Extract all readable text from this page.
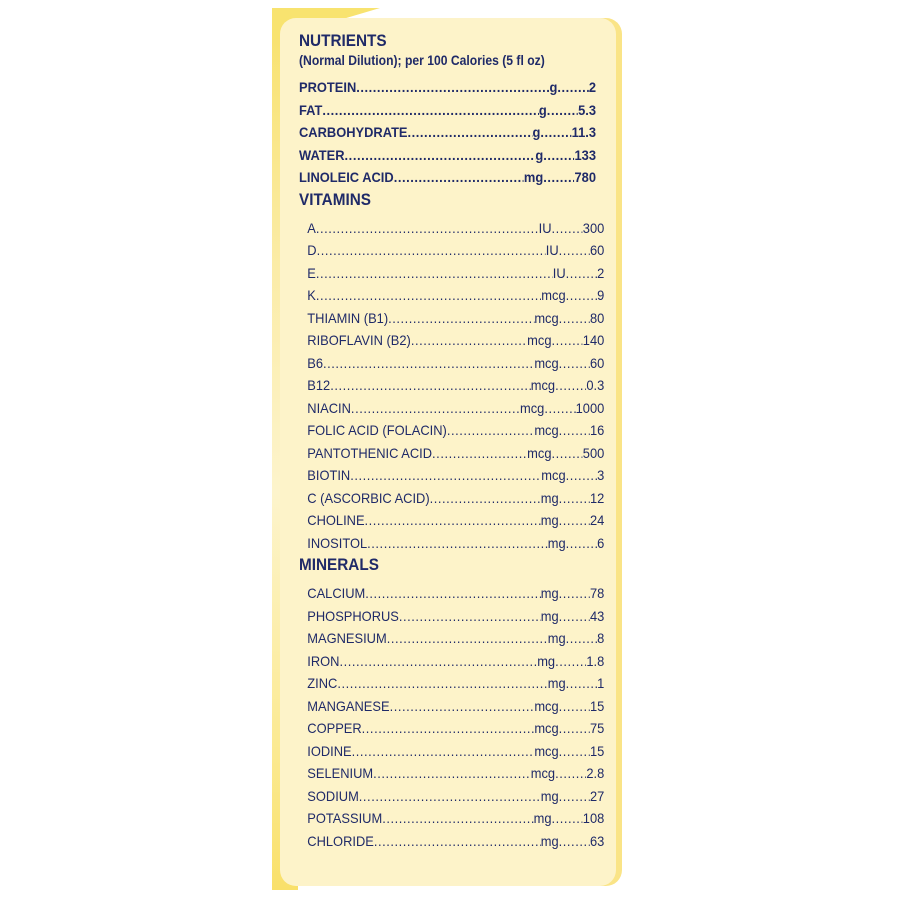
NUTRIENTS
(Normal Dilution); per 100 Calories (5 fl oz)
PROTEIN .....	g ..... 2
FAT .....	g ..... 5.3
CARBOHYDRATE .....	g ..... 11.3
WATER .....	g ..... 133
LINOLEIC ACID .....	mg ..... 780
VITAMINS
A .....	IU ..... 300
D .....	IU ..... 60
E .....	IU ..... 2
K .....	mcg ..... 9
THIAMIN (B1) .....	mcg ..... 80
RIBOFLAVIN (B2) .....	mcg ..... 140
B6 .....	mcg ..... 60
B12 .....	mcg ..... 0.3
NIACIN .....	mcg ..... 1000
FOLIC ACID (FOLACIN) .....	mcg ..... 16
PANTOTHENIC ACID .....	mcg ..... 500
BIOTIN .....	mcg ..... 3
C (ASCORBIC ACID) .....	mg ..... 12
CHOLINE .....	mg ..... 24
INOSITOL .....	mg ..... 6
MINERALS
CALCIUM .....	mg ..... 78
PHOSPHORUS .....	mg ..... 43
MAGNESIUM .....	mg ..... 8
IRON .....	mg ..... 1.8
ZINC .....	mg ..... 1
MANGANESE .....	mcg ..... 15
COPPER .....	mcg ..... 75
IODINE .....	mcg ..... 15
SELENIUM .....	mcg ..... 2.8
SODIUM .....	mg ..... 27
POTASSIUM .....	mg ..... 108
CHLORIDE .....	mg ..... 63
